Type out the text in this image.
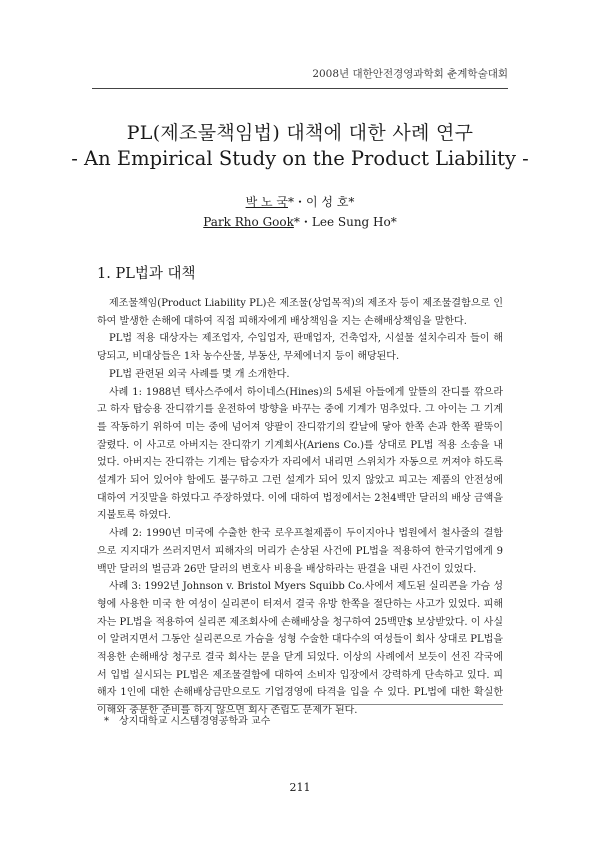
2008년 대한안전경영과학회 춘계학술대회
PL(제조물책임법) 대책에 대한 사례 연구
- An Empirical Study on the Product Liability -
박 노 국*・이 성 호*
Park Rho Gook*・Lee Sung Ho*
1. PL법과 대책

제조물책임(Product Liability PL)은 제조물(상업목적)의 제조자 등이 제조물결함으로 인하여 발생한 손해에 대하여 직접 피해자에게 배상책임을 지는 손해배상책임을 말한다.

PL법 적용 대상자는 제조업자, 수입업자, 판매업자, 건축업자, 시설물 설치수리자 들이 해당되고, 비대상들은 1차 농수산물, 부동산, 무체에너지 등이 해당된다.

PL법 관련된 외국 사례를 몇 개 소개한다.

사례 1: 1988년 텍사스주에서 하이네스(Hines)의 5세된 아들에게 앞뜰의 잔디를 깎으라고 하자 탑승용 잔디깎기를 운전하여 방향을 바꾸는 중에 기계가 멈추었다. 그 아이는 그 기계를 작동하기 위하여 미는 중에 넘어져 양팔이 잔디깎기의 칼날에 닿아 한쪽 손과 한쪽 팔뚝이 잘렸다. 이 사고로 아버지는 잔디깎기 기계회사(Ariens Co.)를 상대로 PL법 적용 소송을 내었다. 아버지는 잔디깎는 기계는 탑승자가 자리에서 내리면 스위치가 자동으로 꺼져야 하도록 설계가 되어 있어야 함에도 불구하고 그런 설계가 되어 있지 않았고 피고는 제품의 안전성에 대하여 거짓말을 하였다고 주장하였다. 이에 대하여 법정에서는 2천4백만 달러의 배상 금액을 지불토록 하였다.

사례 2: 1990년 미국에 수출한 한국 로우프철제품이 두이지아나 법원에서 철사줄의 결함으로 지지대가 쓰러지면서 피해자의 머리가 손상된 사건에 PL법을 적용하여 한국기업에게 9백만 달러의 벌금과 26만 달러의 변호사 비용을 배상하라는 판결을 내린 사건이 있었다.

사례 3: 1992년 Johnson v. Bristol Myers Squibb Co.사에서 제도된 실리콘을 가슴 성형에 사용한 미국 한 여성이 실리콘이 터져서 결국 유방 한쪽을 절단하는 사고가 있었다. 피해자는 PL법을 적용하여 실리콘 제조회사에 손해배상을 청구하여 25백만$ 보상받았다. 이 사실이 알려지면서 그동안 실리콘으로 가슴을 성형 수술한 대다수의 여성들이 회사 상대로 PL법을 적용한 손해배상 청구로 결국 회사는 문을 닫게 되었다. 이상의 사례에서 보듯이 선진 각국에서 입법 실시되는 PL법은 제조물결함에 대하여 소비자 입장에서 강력하게 단속하고 있다. 피해자 1인에 대한 손해배상금만으로도 기업경영에 타격을 입을 수 있다. PL법에 대한 확실한 이해와 충분한 준비를 하지 않으면 회사 존립도 문제가 된다.

*　상지대학교 시스템경영공학과 교수
211
